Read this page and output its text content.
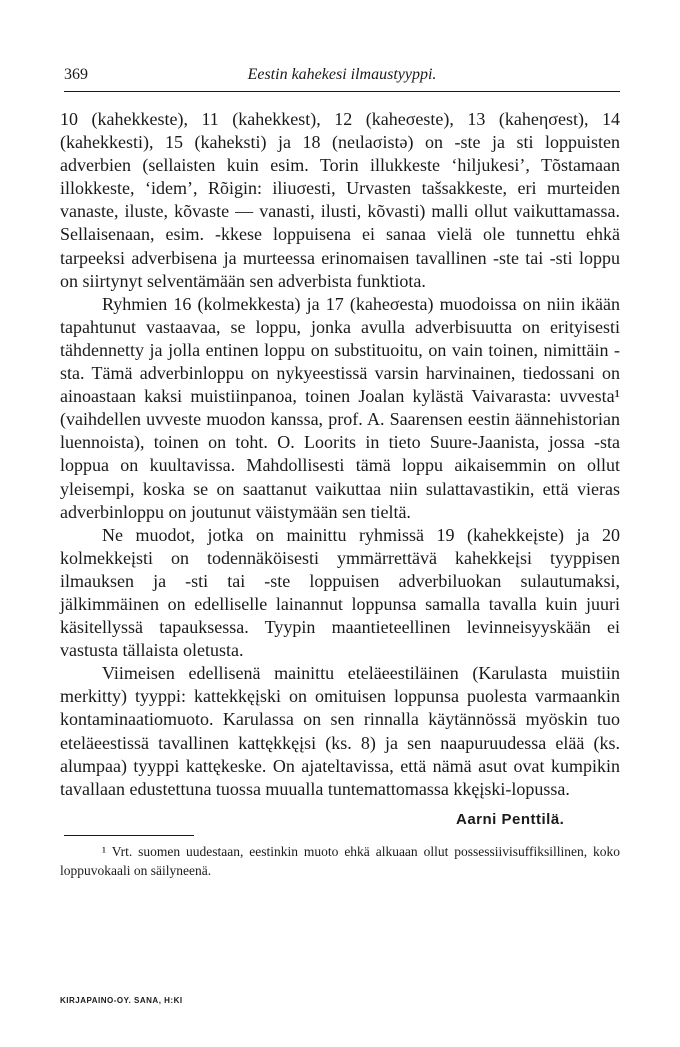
369	Eestin kahekesi ilmaustyyppi.

10 (kahekkeste), 11 (kahekkest), 12 (kaheσeste), 13 (kaheησest), 14 (kahekkesti), 15 (kaheksti) ja 18 (neιlaσistə) on -ste ja sti loppuisten adverbien (sellaisten kuin esim. Torin illukkeste ‘hiljukesi’, Tõstamaan illokkeste, ‘idem’, Rõigin: iliuσesti, Urvasten tašsakkeste, eri murteiden vanaste, iluste, kõvaste — vanasti, ilusti, kõvasti) malli ollut vaikuttamassa. Sellaisenaan, esim. -kkese loppuisena ei sanaa vielä ole tunnettu ehkä tarpeeksi adverbisena ja murteessa erinomaisen tavallinen -ste tai -sti loppu on siirtynyt selventämään sen adverbista funktiota.

Ryhmien 16 (kolmekkesta) ja 17 (kaheσesta) muodoissa on niin ikään tapahtunut vastaavaa, se loppu, jonka avulla adverbisuutta on erityisesti tähdennetty ja jolla entinen loppu on substituoitu, on vain toinen, nimittäin -sta. Tämä adverbinloppu on nykyeestissä varsin harvinainen, tiedossani on ainoastaan kaksi muistiinpanoa, toinen Joalan kylästä Vaivarasta: uvvesta¹ (vaihdellen uvveste muodon kanssa, prof. A. Saarensen eestin äännehistorian luennoista), toinen on toht. O. Loorits in tieto Suure-Jaanista, jossa -sta loppua on kuultavissa. Mahdollisesti tämä loppu aikaisemmin on ollut yleisempi, koska se on saattanut vaikuttaa niin sulattavastikin, että vieras adverbinloppu on joutunut väistymään sen tieltä.

Ne muodot, jotka on mainittu ryhmissä 19 (kahekkeįste) ja 20 kolmekkeįsti on todennäköisesti ymmärrettävä kahekkeįsi tyyppisen ilmauksen ja -sti tai -ste loppuisen adverbiluokan sulautumaksi, jälkimmäinen on edelliselle lainannut loppunsa samalla tavalla kuin juuri käsitellyssä tapauksessa. Tyypin maantieteellinen levinneisyyskään ei vastusta tällaista oletusta.

Viimeisen edellisenä mainittu eteläeestiläinen (Karulasta muistiin merkitty) tyyppi: kattekkęįski on omituisen loppunsa puolesta varmaankin kontaminaatiomuoto. Karulassa on sen rinnalla käytännössä myöskin tuo eteläeestissä tavallinen kattękkęįsi (ks. 8) ja sen naapuruudessa elää (ks. alumpaa) tyyppi kattękeske. On ajateltavissa, että nämä asut ovat kumpikin tavallaan edustettuna tuossa muualla tuntemattomassa kkęįski-lopussa.

Aarni Penttilä.
¹ Vrt. suomen uudestaan, eestinkin muoto ehkä alkuaan ollut possessiivisuffiksillinen, koko loppuvokaali on säilyneenä.
KIRJAPAINO-OY. SANA, H:KI
